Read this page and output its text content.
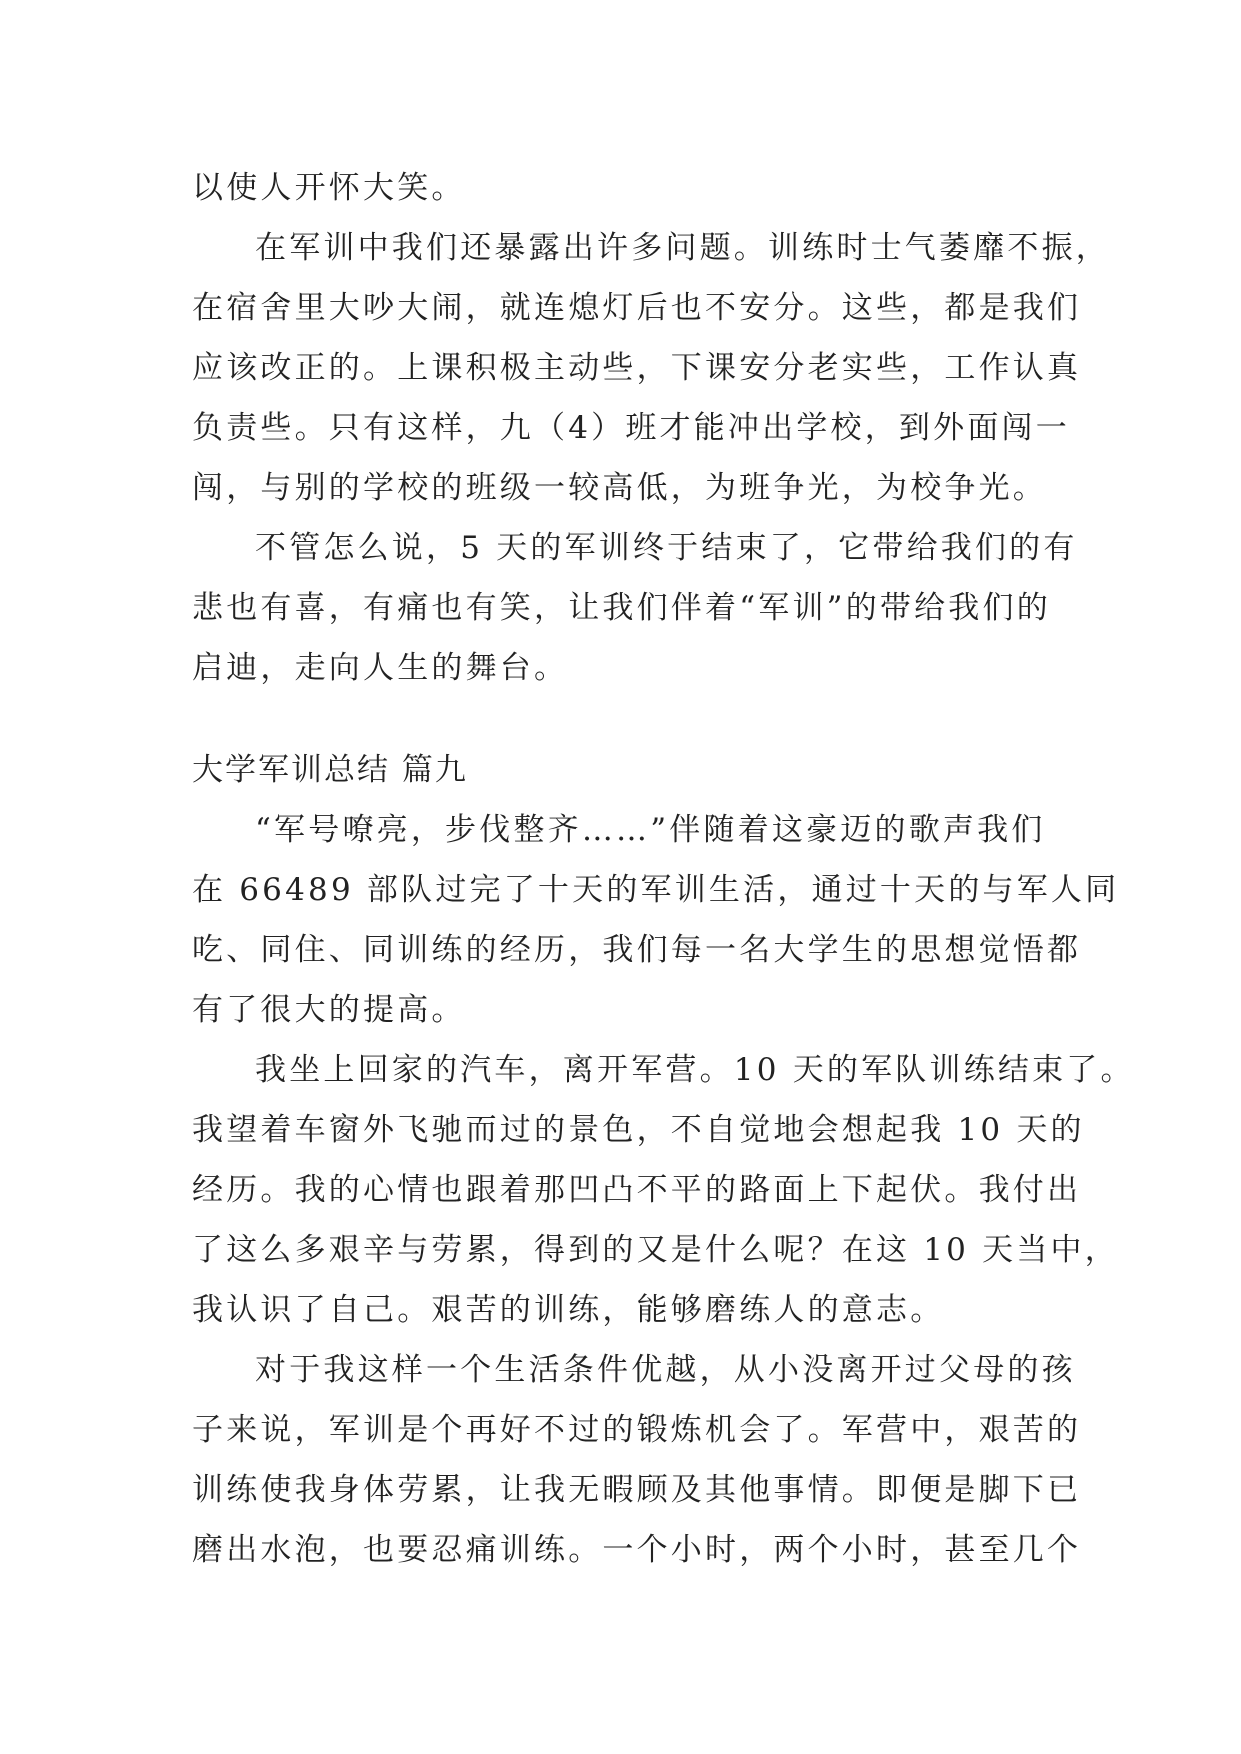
以使人开怀大笑。
在军训中我们还暴露出许多问题。训练时士气萎靡不振，
在宿舍里大吵大闹，就连熄灯后也不安分。这些，都是我们
应该改正的。上课积极主动些，下课安分老实些，工作认真
负责些。只有这样，九（4）班才能冲出学校，到外面闯一
闯，与别的学校的班级一较高低，为班争光，为校争光。
不管怎么说，5 天的军训终于结束了，它带给我们的有
悲也有喜，有痛也有笑，让我们伴着“军训”的带给我们的
启迪，走向人生的舞台。
大学军训总结 篇九
“军号嘹亮，步伐整齐……”伴随着这豪迈的歌声我们
在 66489 部队过完了十天的军训生活，通过十天的与军人同
吃、同住、同训练的经历，我们每一名大学生的思想觉悟都
有了很大的提高。
我坐上回家的汽车，离开军营。10 天的军队训练结束了。
我望着车窗外飞驰而过的景色，不自觉地会想起我 10 天的
经历。我的心情也跟着那凹凸不平的路面上下起伏。我付出
了这么多艰辛与劳累，得到的又是什么呢？在这 10 天当中，
我认识了自己。艰苦的训练，能够磨练人的意志。
对于我这样一个生活条件优越，从小没离开过父母的孩
子来说，军训是个再好不过的锻炼机会了。军营中，艰苦的
训练使我身体劳累，让我无暇顾及其他事情。即便是脚下已
磨出水泡，也要忍痛训练。一个小时，两个小时，甚至几个
